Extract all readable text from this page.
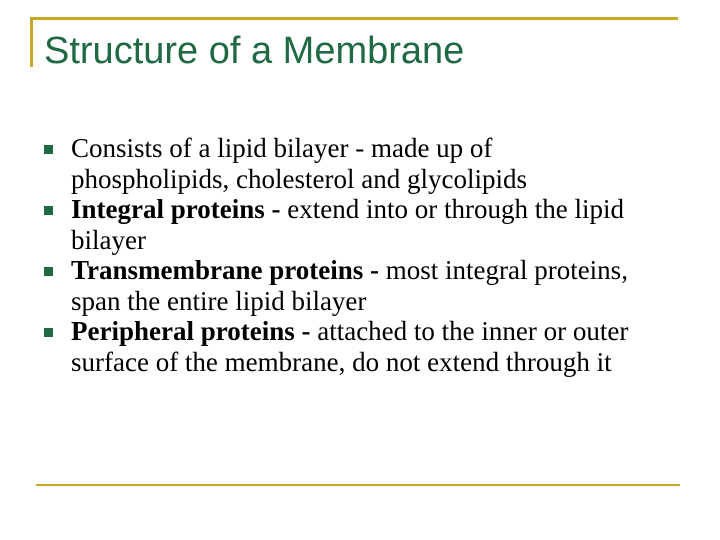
Structure of a Membrane
Consists of a lipid bilayer - made up of phospholipids, cholesterol and glycolipids
Integral proteins - extend into or through the lipid bilayer
Transmembrane proteins - most integral proteins, span the entire lipid bilayer
Peripheral proteins - attached to the inner or outer surface of the membrane, do not extend through it
